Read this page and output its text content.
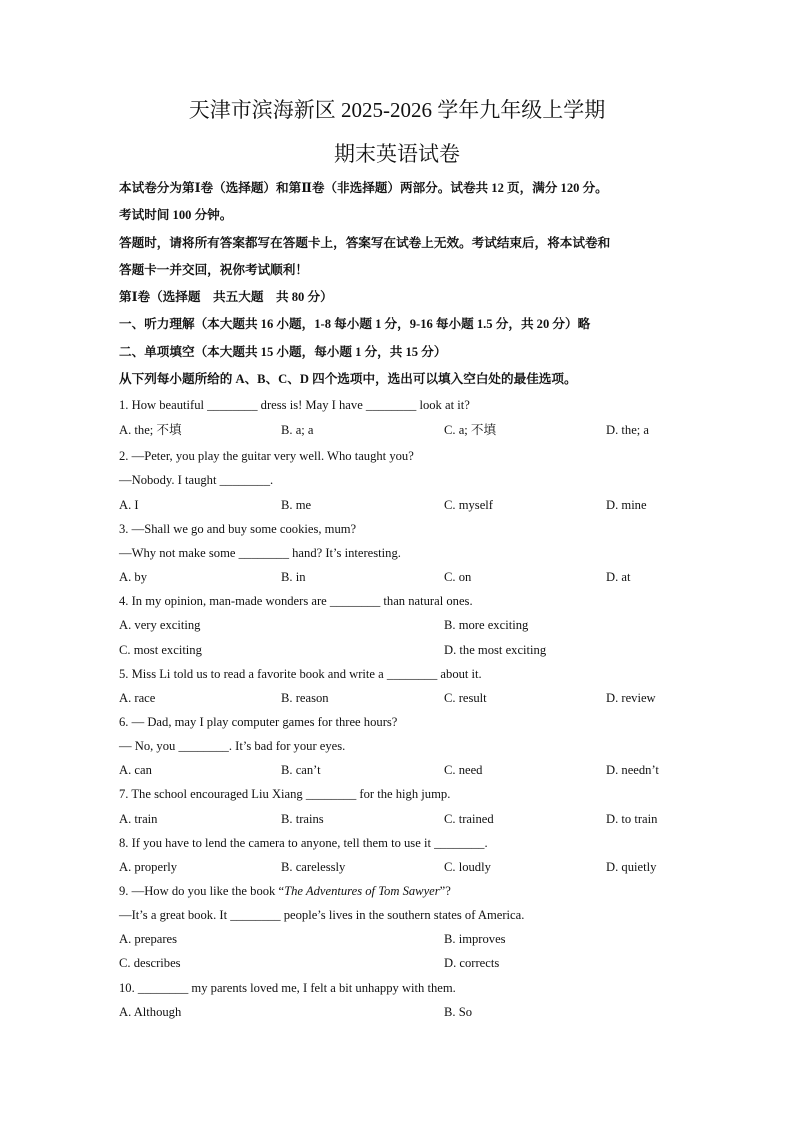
天津市滨海新区 2025-2026 学年九年级上学期
期末英语试卷
本试卷分为第Ⅰ卷（选择题）和第Ⅱ卷（非选择题）两部分。试卷共 12 页，满分 120 分。
考试时间 100 分钟。
答题时，请将所有答案都写在答题卡上，答案写在试卷上无效。考试结束后，将本试卷和
答题卡一并交回，祝你考试顺利！
第Ⅰ卷（选择题　共五大题　共 80 分）
一、听力理解（本大题共 16 小题，1-8 每小题 1 分，9-16 每小题 1.5 分，共 20 分）略
二、单项填空（本大题共 15 小题，每小题 1 分，共 15 分）
从下列每小题所给的 A、B、C、D 四个选项中，选出可以填入空白处的最佳选项。
1. How beautiful ________ dress is! May I have ________ look at it?
A. the; 不填	B. a; a	C. a; 不填	D. the; a
2. —Peter, you play the guitar very well. Who taught you?
—Nobody. I taught ________.
A. I	B. me	C. myself	D. mine
3. —Shall we go and buy some cookies, mum?
—Why not make some ________ hand? It’s interesting.
A. by	B. in	C. on	D. at
4. In my opinion, man-made wonders are ________ than natural ones.
A. very exciting	B. more exciting
C. most exciting	D. the most exciting
5. Miss Li told us to read a favorite book and write a ________ about it.
A. race	B. reason	C. result	D. review
6. — Dad, may I play computer games for three hours?
— No, you ________. It’s bad for your eyes.
A. can	B. can’t	C. need	D. needn’t
7. The school encouraged Liu Xiang ________ for the high jump.
A. train	B. trains	C. trained	D. to train
8. If you have to lend the camera to anyone, tell them to use it ________.
A. properly	B. carelessly	C. loudly	D. quietly
9. —How do you like the book “The Adventures of Tom Sawyer”?
—It’s a great book. It ________ people’s lives in the southern states of America.
A. prepares	B. improves
C. describes	D. corrects
10. ________ my parents loved me, I felt a bit unhappy with them.
A. Although	B. So
